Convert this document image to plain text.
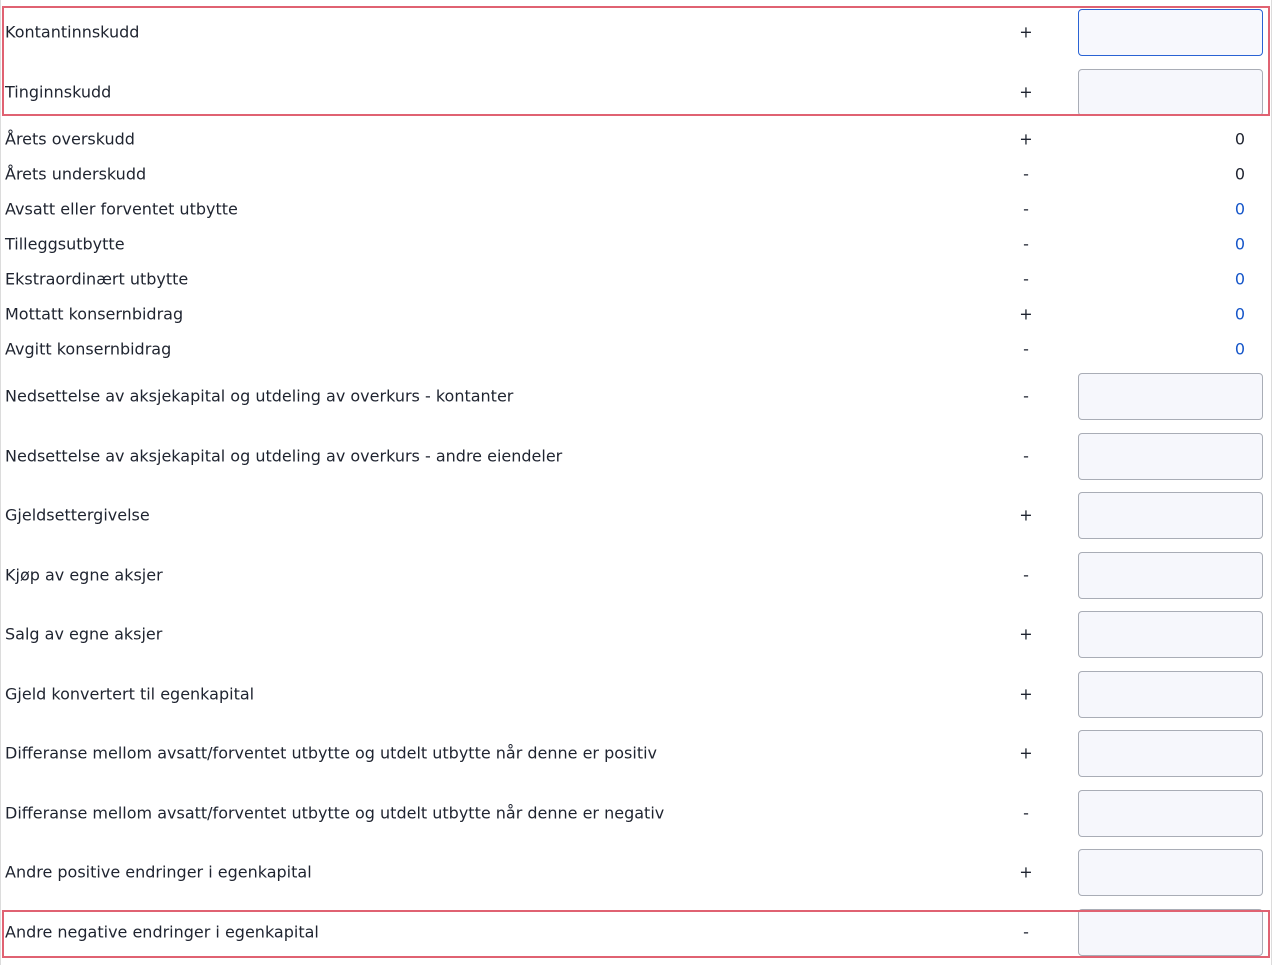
Kontantinnskudd	+
Tinginnskudd	+
Årets overskudd	+	0
Årets underskudd	-	0
Avsatt eller forventet utbytte	-	0
Tilleggsutbytte	-	0
Ekstraordinært utbytte	-	0
Mottatt konsernbidrag	+	0
Avgitt konsernbidrag	-	0
Nedsettelse av aksjekapital og utdeling av overkurs - kontanter	-
Nedsettelse av aksjekapital og utdeling av overkurs - andre eiendeler	-
Gjeldsettergivelse	+
Kjøp av egne aksjer	-
Salg av egne aksjer	+
Gjeld konvertert til egenkapital	+
Differanse mellom avsatt/forventet utbytte og utdelt utbytte når denne er positiv	+
Differanse mellom avsatt/forventet utbytte og utdelt utbytte når denne er negativ	-
Andre positive endringer i egenkapital	+
Andre negative endringer i egenkapital	-
